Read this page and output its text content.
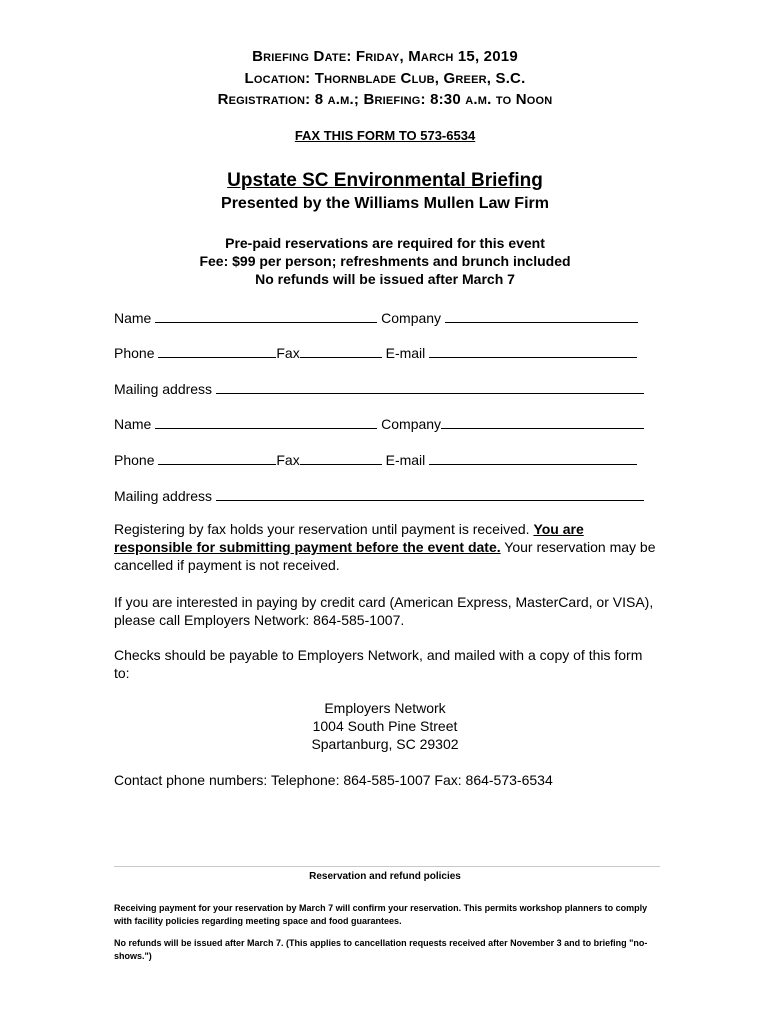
Briefing Date: Friday, March 15, 2019
Location: Thornblade Club, Greer, S.C.
Registration: 8 a.m.; Briefing: 8:30 a.m. to Noon
FAX THIS FORM TO 573-6534
Upstate SC Environmental Briefing
Presented by the Williams Mullen Law Firm
Pre-paid reservations are required for this event
Fee: $99 per person; refreshments and brunch included
No refunds will be issued after March 7
Name	Company
Phone	Fax	E-mail
Mailing address
Name	Company
Phone	Fax	E-mail
Mailing address
Registering by fax holds your reservation until payment is received. You are responsible for submitting payment before the event date. Your reservation may be cancelled if payment is not received.
If you are interested in paying by credit card (American Express, MasterCard, or VISA), please call Employers Network: 864-585-1007.
Checks should be payable to Employers Network, and mailed with a copy of this form to:
Employers Network
1004 South Pine Street
Spartanburg, SC 29302
Contact phone numbers: Telephone: 864-585-1007 Fax: 864-573-6534
Reservation and refund policies
Receiving payment for your reservation by March 7 will confirm your reservation. This permits workshop planners to comply with facility policies regarding meeting space and food guarantees.
No refunds will be issued after March 7. (This applies to cancellation requests received after November 3 and to briefing "no-shows.")
